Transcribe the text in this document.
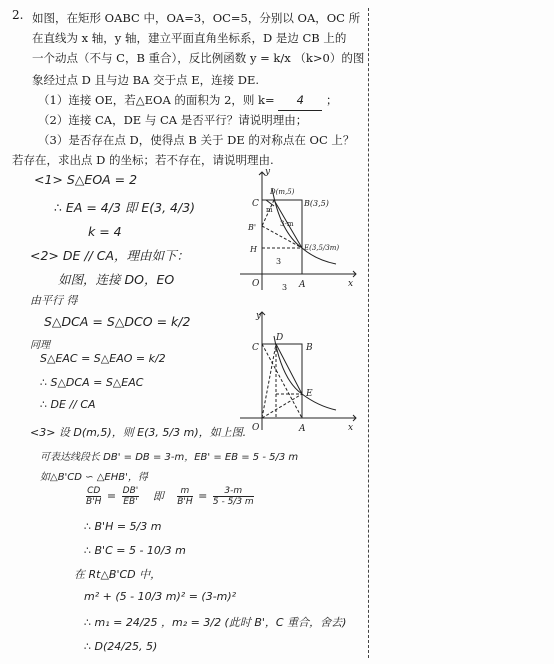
2. 如图，在矩形 OABC 中，OA=3，OC=5，分别以 OA，OC 所
在直线为 x 轴，y 轴，建立平面直角坐标系，D 是边 CB 上的
一个动点（不与 C，B 重合），反比例函数 y = k/x （k>0）的图
象经过点 D 且与边 BA 交于点 E，连接 DE.
（1）连接 OE，若△EOA 的面积为 2，则 k= 4 ；
（2）连接 CA，DE 与 CA 是否平行？请说明理由；
（3）是否存在点 D，使得点 B 关于 DE 的对称点在 OC 上？
若存在，求出点 D 的坐标；若不存在，请说明理由.
<1> S△EOA = 2
∴ EA = 4/3 即 E(3, 4/3)
k = 4
<2> DE // CA，理由如下：
如图，连接 DO，EO
由平行 得
S△DCA = S△DCO = k/2
同理
S△EAC = S△EAO = k/2
∴ S△DCA = S△EAC
∴ DE // CA
<3> 设 D(m,5)，则 E(3, 5/3 m)，如上图.
可表达线段长 DB' = DB = 3-m，EB' = EB = 5 - 5/3 m
如△B'CD ∽ △EHB'，得
$\frac{CD}{B'H} = \frac{DB'}{EB'}$ 即 $\frac{m}{B'H} = \frac{3-m}{5 - 5/3 m}$
∴ B'H = 5/3 m
∴ B'C = 5 - 10/3 m
在 Rt△B'CD 中，
m² + (5 - 10/3 m)² = (3-m)²
∴ m₁ = 24/25 ，m₂ = 3/2 (此时 B'，C 重合，舍去)
∴ D(24/25, 5)
y
x
O	A
C	B(3,5)
D(m,5)
E(3,5/3m)
B'
H
3
m
3-m
3
y
x
O	A
C	B
D
E
